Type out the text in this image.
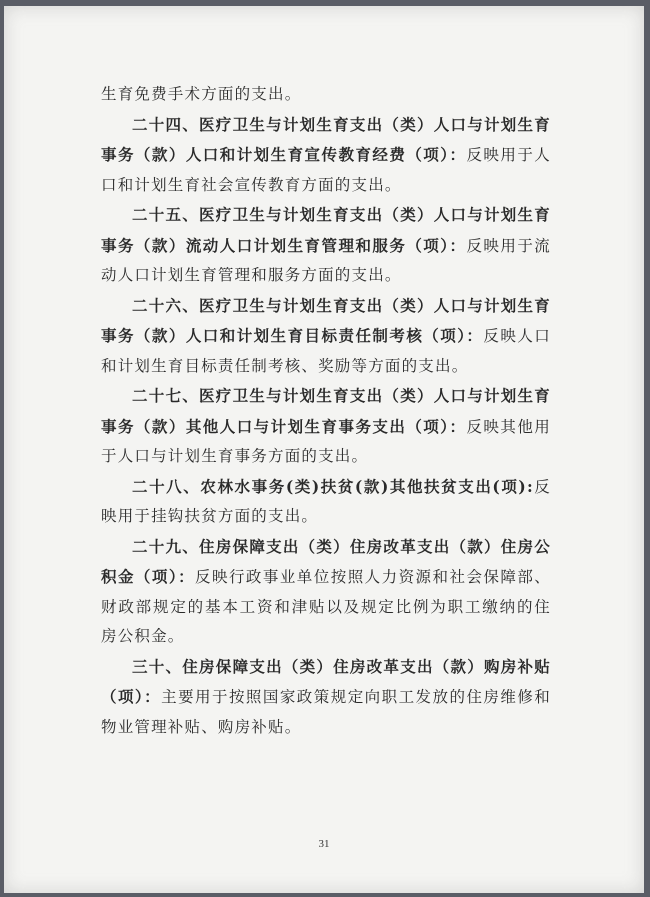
生育免费手术方面的支出。

二十四、医疗卫生与计划生育支出（类）人口与计划生育事务（款）人口和计划生育宣传教育经费（项）：反映用于人口和计划生育社会宣传教育方面的支出。

二十五、医疗卫生与计划生育支出（类）人口与计划生育事务（款）流动人口计划生育管理和服务（项）：反映用于流动人口计划生育管理和服务方面的支出。

二十六、医疗卫生与计划生育支出（类）人口与计划生育事务（款）人口和计划生育目标责任制考核（项）：反映人口和计划生育目标责任制考核、奖励等方面的支出。

二十七、医疗卫生与计划生育支出（类）人口与计划生育事务（款）其他人口与计划生育事务支出（项）：反映其他用于人口与计划生育事务方面的支出。

二十八、农林水事务(类)扶贫(款)其他扶贫支出(项):反映用于挂钩扶贫方面的支出。

二十九、住房保障支出（类）住房改革支出（款）住房公积金（项）：反映行政事业单位按照人力资源和社会保障部、财政部规定的基本工资和津贴以及规定比例为职工缴纳的住房公积金。

三十、住房保障支出（类）住房改革支出（款）购房补贴（项）：主要用于按照国家政策规定向职工发放的住房维修和物业管理补贴、购房补贴。

31
